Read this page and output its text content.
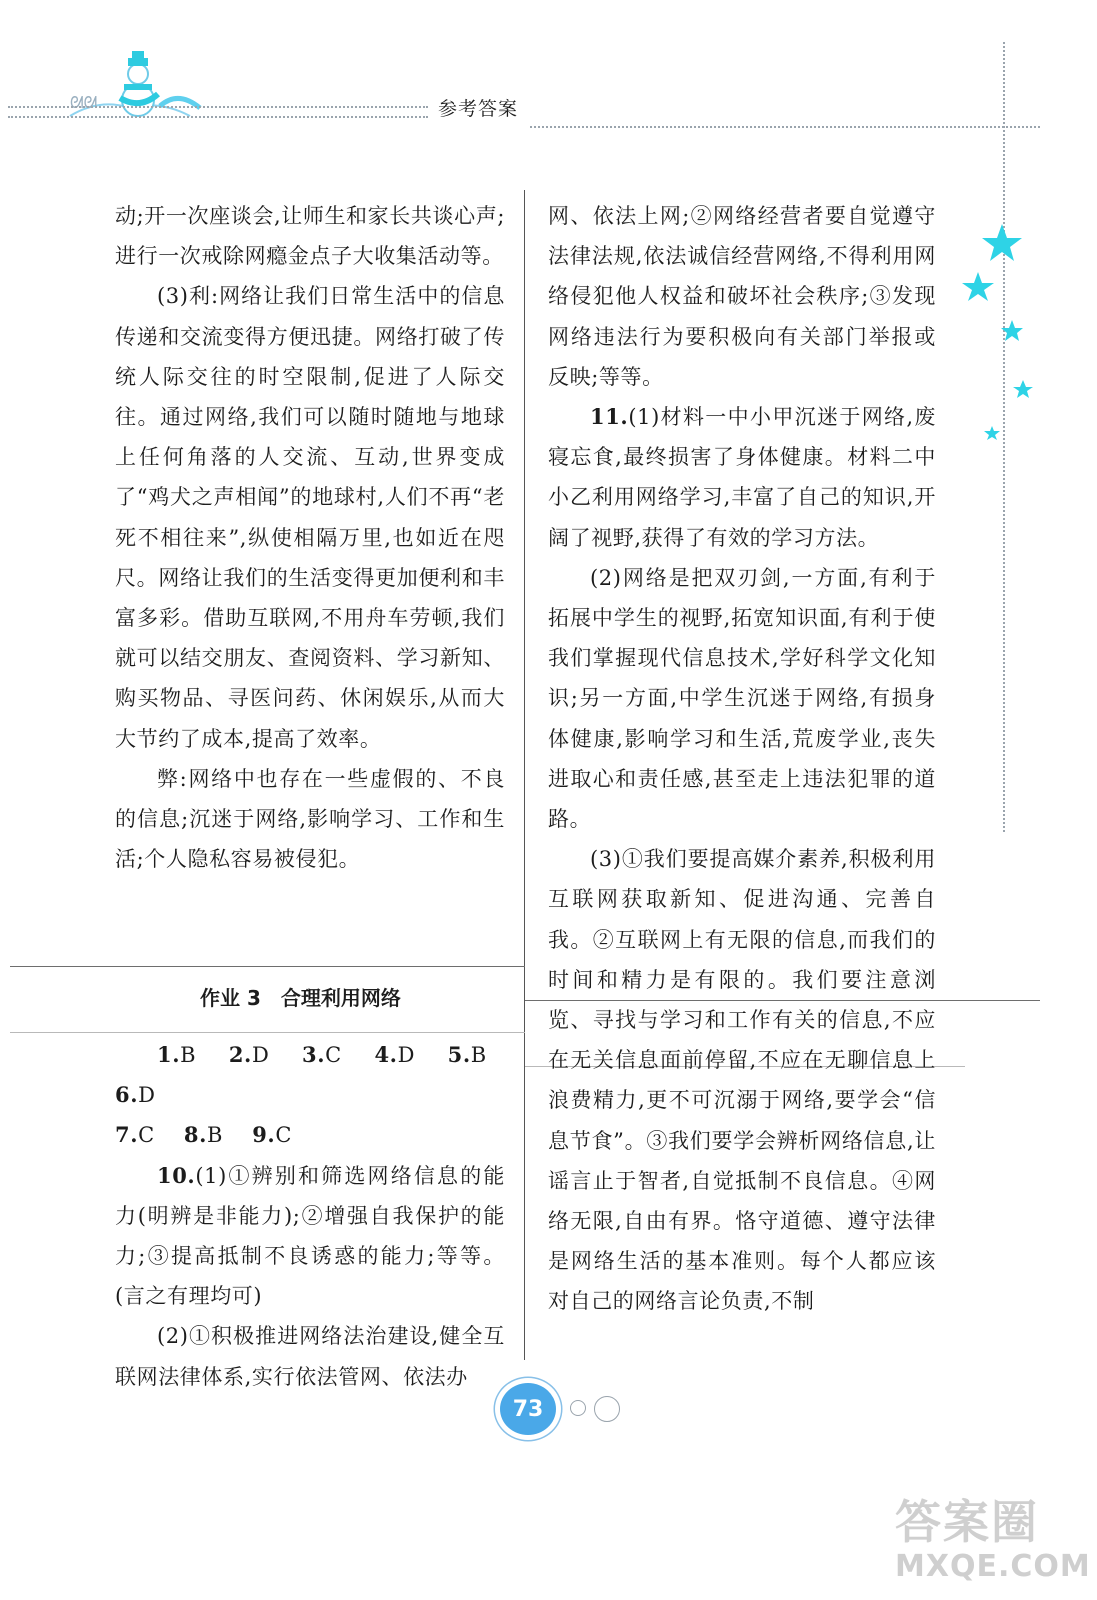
ᘛᘛ	参考答案

动;开一次座谈会,让师生和家长共谈心声;进行一次戒除网瘾金点子大收集活动等。

(3)利:网络让我们日常生活中的信息传递和交流变得方便迅捷。网络打破了传统人际交往的时空限制,促进了人际交往。通过网络,我们可以随时随地与地球上任何角落的人交流、互动,世界变成了“鸡犬之声相闻”的地球村,人们不再“老死不相往来”,纵使相隔万里,也如近在咫尺。网络让我们的生活变得更加便利和丰富多彩。借助互联网,不用舟车劳顿,我们就可以结交朋友、查阅资料、学习新知、购买物品、寻医问药、休闲娱乐,从而大大节约了成本,提高了效率。

弊:网络中也存在一些虚假的、不良的信息;沉迷于网络,影响学习、工作和生活;个人隐私容易被侵犯。

作业 3　合理利用网络

1.B 2.D 3.C 4.D 5.B   6.D

7.C 8.B 9.C

10.(1)①辨别和筛选网络信息的能力(明辨是非能力);②增强自我保护的能力;③提高抵制不良诱惑的能力;等等。(言之有理均可)

(2)①积极推进网络法治建设,健全互联网法律体系,实行依法管网、依法办

网、依法上网;②网络经营者要自觉遵守法律法规,依法诚信经营网络,不得利用网络侵犯他人权益和破坏社会秩序;③发现网络违法行为要积极向有关部门举报或反映;等等。

11.(1)材料一中小甲沉迷于网络,废寝忘食,最终损害了身体健康。材料二中小乙利用网络学习,丰富了自己的知识,开阔了视野,获得了有效的学习方法。

(2)网络是把双刃剑,一方面,有利于拓展中学生的视野,拓宽知识面,有利于使我们掌握现代信息技术,学好科学文化知识;另一方面,中学生沉迷于网络,有损身体健康,影响学习和生活,荒废学业,丧失进取心和责任感,甚至走上违法犯罪的道路。

(3)①我们要提高媒介素养,积极利用互联网获取新知、促进沟通、完善自我。②互联网上有无限的信息,而我们的时间和精力是有限的。我们要注意浏览、寻找与学习和工作有关的信息,不应在无关信息面前停留,不应在无聊信息上浪费精力,更不可沉溺于网络,要学会“信息节食”。③我们要学会辨析网络信息,让谣言止于智者,自觉抵制不良信息。④网络无限,自由有界。恪守道德、遵守法律是网络生活的基本准则。每个人都应该对自己的网络言论负责,不制

73
答案圈
MXQE.COM
